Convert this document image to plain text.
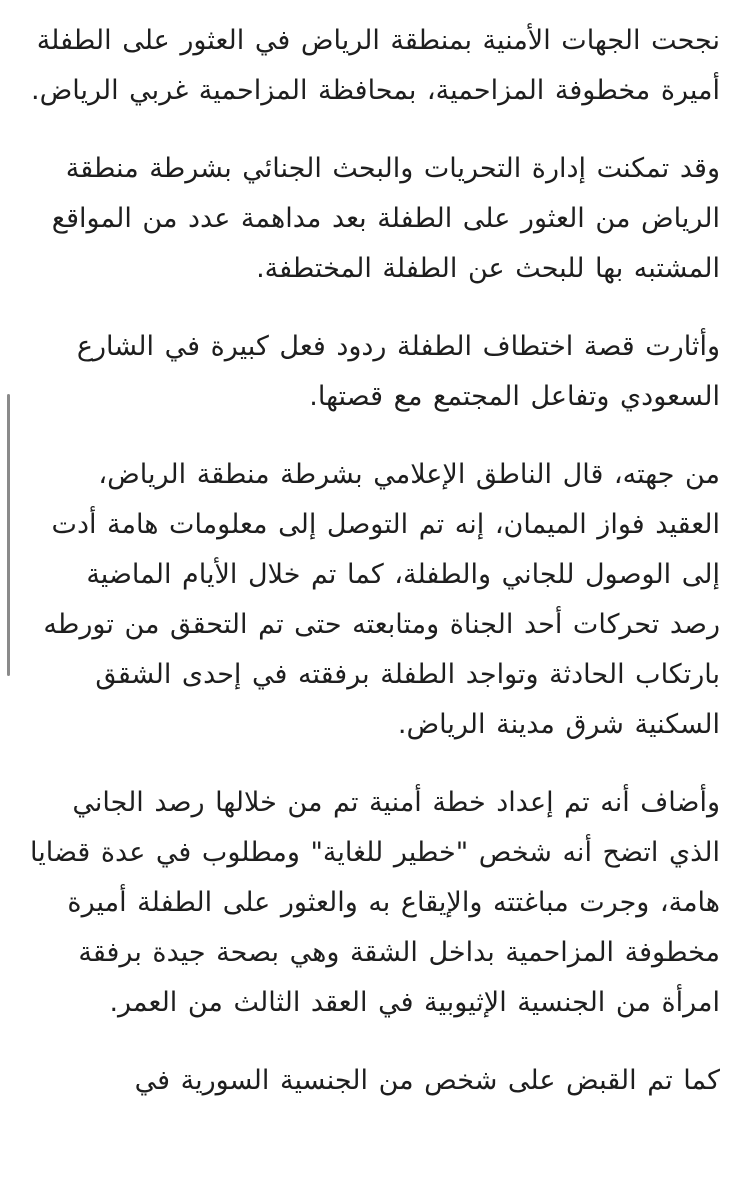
نجحت الجهات الأمنية بمنطقة الرياض في العثور على الطفلة أميرة مخطوفة المزاحمية، بمحافظة المزاحمية غربي الرياض.

وقد تمكنت إدارة التحريات والبحث الجنائي بشرطة منطقة الرياض من العثور على الطفلة بعد مداهمة عدد من المواقع المشتبه بها للبحث عن الطفلة المختطفة.

وأثارت قصة اختطاف الطفلة ردود فعل كبيرة في الشارع السعودي وتفاعل المجتمع مع قصتها.

من جهته، قال الناطق الإعلامي بشرطة منطقة الرياض، العقيد فواز الميمان، إنه تم التوصل إلى معلومات هامة أدت إلى الوصول للجاني والطفلة، كما تم خلال الأيام الماضية رصد تحركات أحد الجناة ومتابعته حتى تم التحقق من تورطه بارتكاب الحادثة وتواجد الطفلة برفقته في إحدى الشقق السكنية شرق مدينة الرياض.

وأضاف أنه تم إعداد خطة أمنية تم من خلالها رصد الجاني الذي اتضح أنه شخص "خطير للغاية" ومطلوب في عدة قضايا هامة، وجرت مباغتته والإيقاع به والعثور على الطفلة أميرة مخطوفة المزاحمية بداخل الشقة وهي بصحة جيدة برفقة امرأة من الجنسية الإثيوبية في العقد الثالث من العمر.

كما تم القبض على شخص من الجنسية السورية في
